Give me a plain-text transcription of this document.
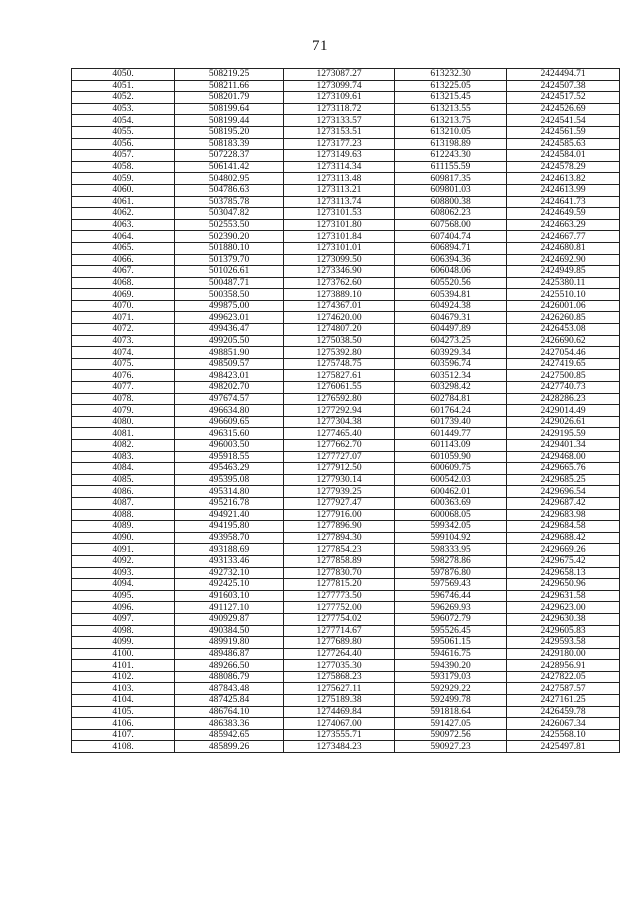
71
4050.	508219.25	1273087.27	613232.30	2424494.71
4051.	508211.66	1273099.74	613225.05	2424507.38
4052.	508201.79	1273109.61	613215.45	2424517.52
4053.	508199.64	1273118.72	613213.55	2424526.69
4054.	508199.44	1273133.57	613213.75	2424541.54
4055.	508195.20	1273153.51	613210.05	2424561.59
4056.	508183.39	1273177.23	613198.89	2424585.63
4057.	507228.37	1273149.63	612243.30	2424584.01
4058.	506141.42	1273114.34	611155.59	2424578.29
4059.	504802.95	1273113.48	609817.35	2424613.82
4060.	504786.63	1273113.21	609801.03	2424613.99
4061.	503785.78	1273113.74	608800.38	2424641.73
4062.	503047.82	1273101.53	608062.23	2424649.59
4063.	502553.50	1273101.80	607568.00	2424663.29
4064.	502390.20	1273101.84	607404.74	2424667.77
4065.	501880.10	1273101.01	606894.71	2424680.81
4066.	501379.70	1273099.50	606394.36	2424692.90
4067.	501026.61	1273346.90	606048.06	2424949.85
4068.	500487.71	1273762.60	605520.56	2425380.11
4069.	500358.50	1273889.10	605394.81	2425510.10
4070.	499875.00	1274367.01	604924.38	2426001.06
4071.	499623.01	1274620.00	604679.31	2426260.85
4072.	499436.47	1274807.20	604497.89	2426453.08
4073.	499205.50	1275038.50	604273.25	2426690.62
4074.	498851.90	1275392.80	603929.34	2427054.46
4075.	498509.57	1275748.75	603596.74	2427419.65
4076.	498423.01	1275827.61	603512.34	2427500.85
4077.	498202.70	1276061.55	603298.42	2427740.73
4078.	497674.57	1276592.80	602784.81	2428286.23
4079.	496634.80	1277292.94	601764.24	2429014.49
4080.	496609.65	1277304.38	601739.40	2429026.61
4081.	496315.60	1277465.40	601449.77	2429195.59
4082.	496003.50	1277662.70	601143.09	2429401.34
4083.	495918.55	1277727.07	601059.90	2429468.00
4084.	495463.29	1277912.50	600609.75	2429665.76
4085.	495395.08	1277930.14	600542.03	2429685.25
4086.	495314.80	1277939.25	600462.01	2429696.54
4087.	495216.78	1277927.47	600363.69	2429687.42
4088.	494921.40	1277916.00	600068.05	2429683.98
4089.	494195.80	1277896.90	599342.05	2429684.58
4090.	493958.70	1277894.30	599104.92	2429688.42
4091.	493188.69	1277854.23	598333.95	2429669.26
4092.	493133.46	1277858.89	598278.86	2429675.42
4093.	492732.10	1277830.70	597876.80	2429658.13
4094.	492425.10	1277815.20	597569.43	2429650.96
4095.	491603.10	1277773.50	596746.44	2429631.58
4096.	491127.10	1277752.00	596269.93	2429623.00
4097.	490929.87	1277754.02	596072.79	2429630.38
4098.	490384.50	1277714.67	595526.45	2429605.83
4099.	489919.80	1277689.80	595061.15	2429593.58
4100.	489486.87	1277264.40	594616.75	2429180.00
4101.	489266.50	1277035.30	594390.20	2428956.91
4102.	488086.79	1275868.23	593179.03	2427822.05
4103.	487843.48	1275627.11	592929.22	2427587.57
4104.	487425.84	1275189.38	592499.78	2427161.25
4105.	486764.10	1274469.84	591818.64	2426459.78
4106.	486383.36	1274067.00	591427.05	2426067.34
4107.	485942.65	1273555.71	590972.56	2425568.10
4108.	485899.26	1273484.23	590927.23	2425497.81
